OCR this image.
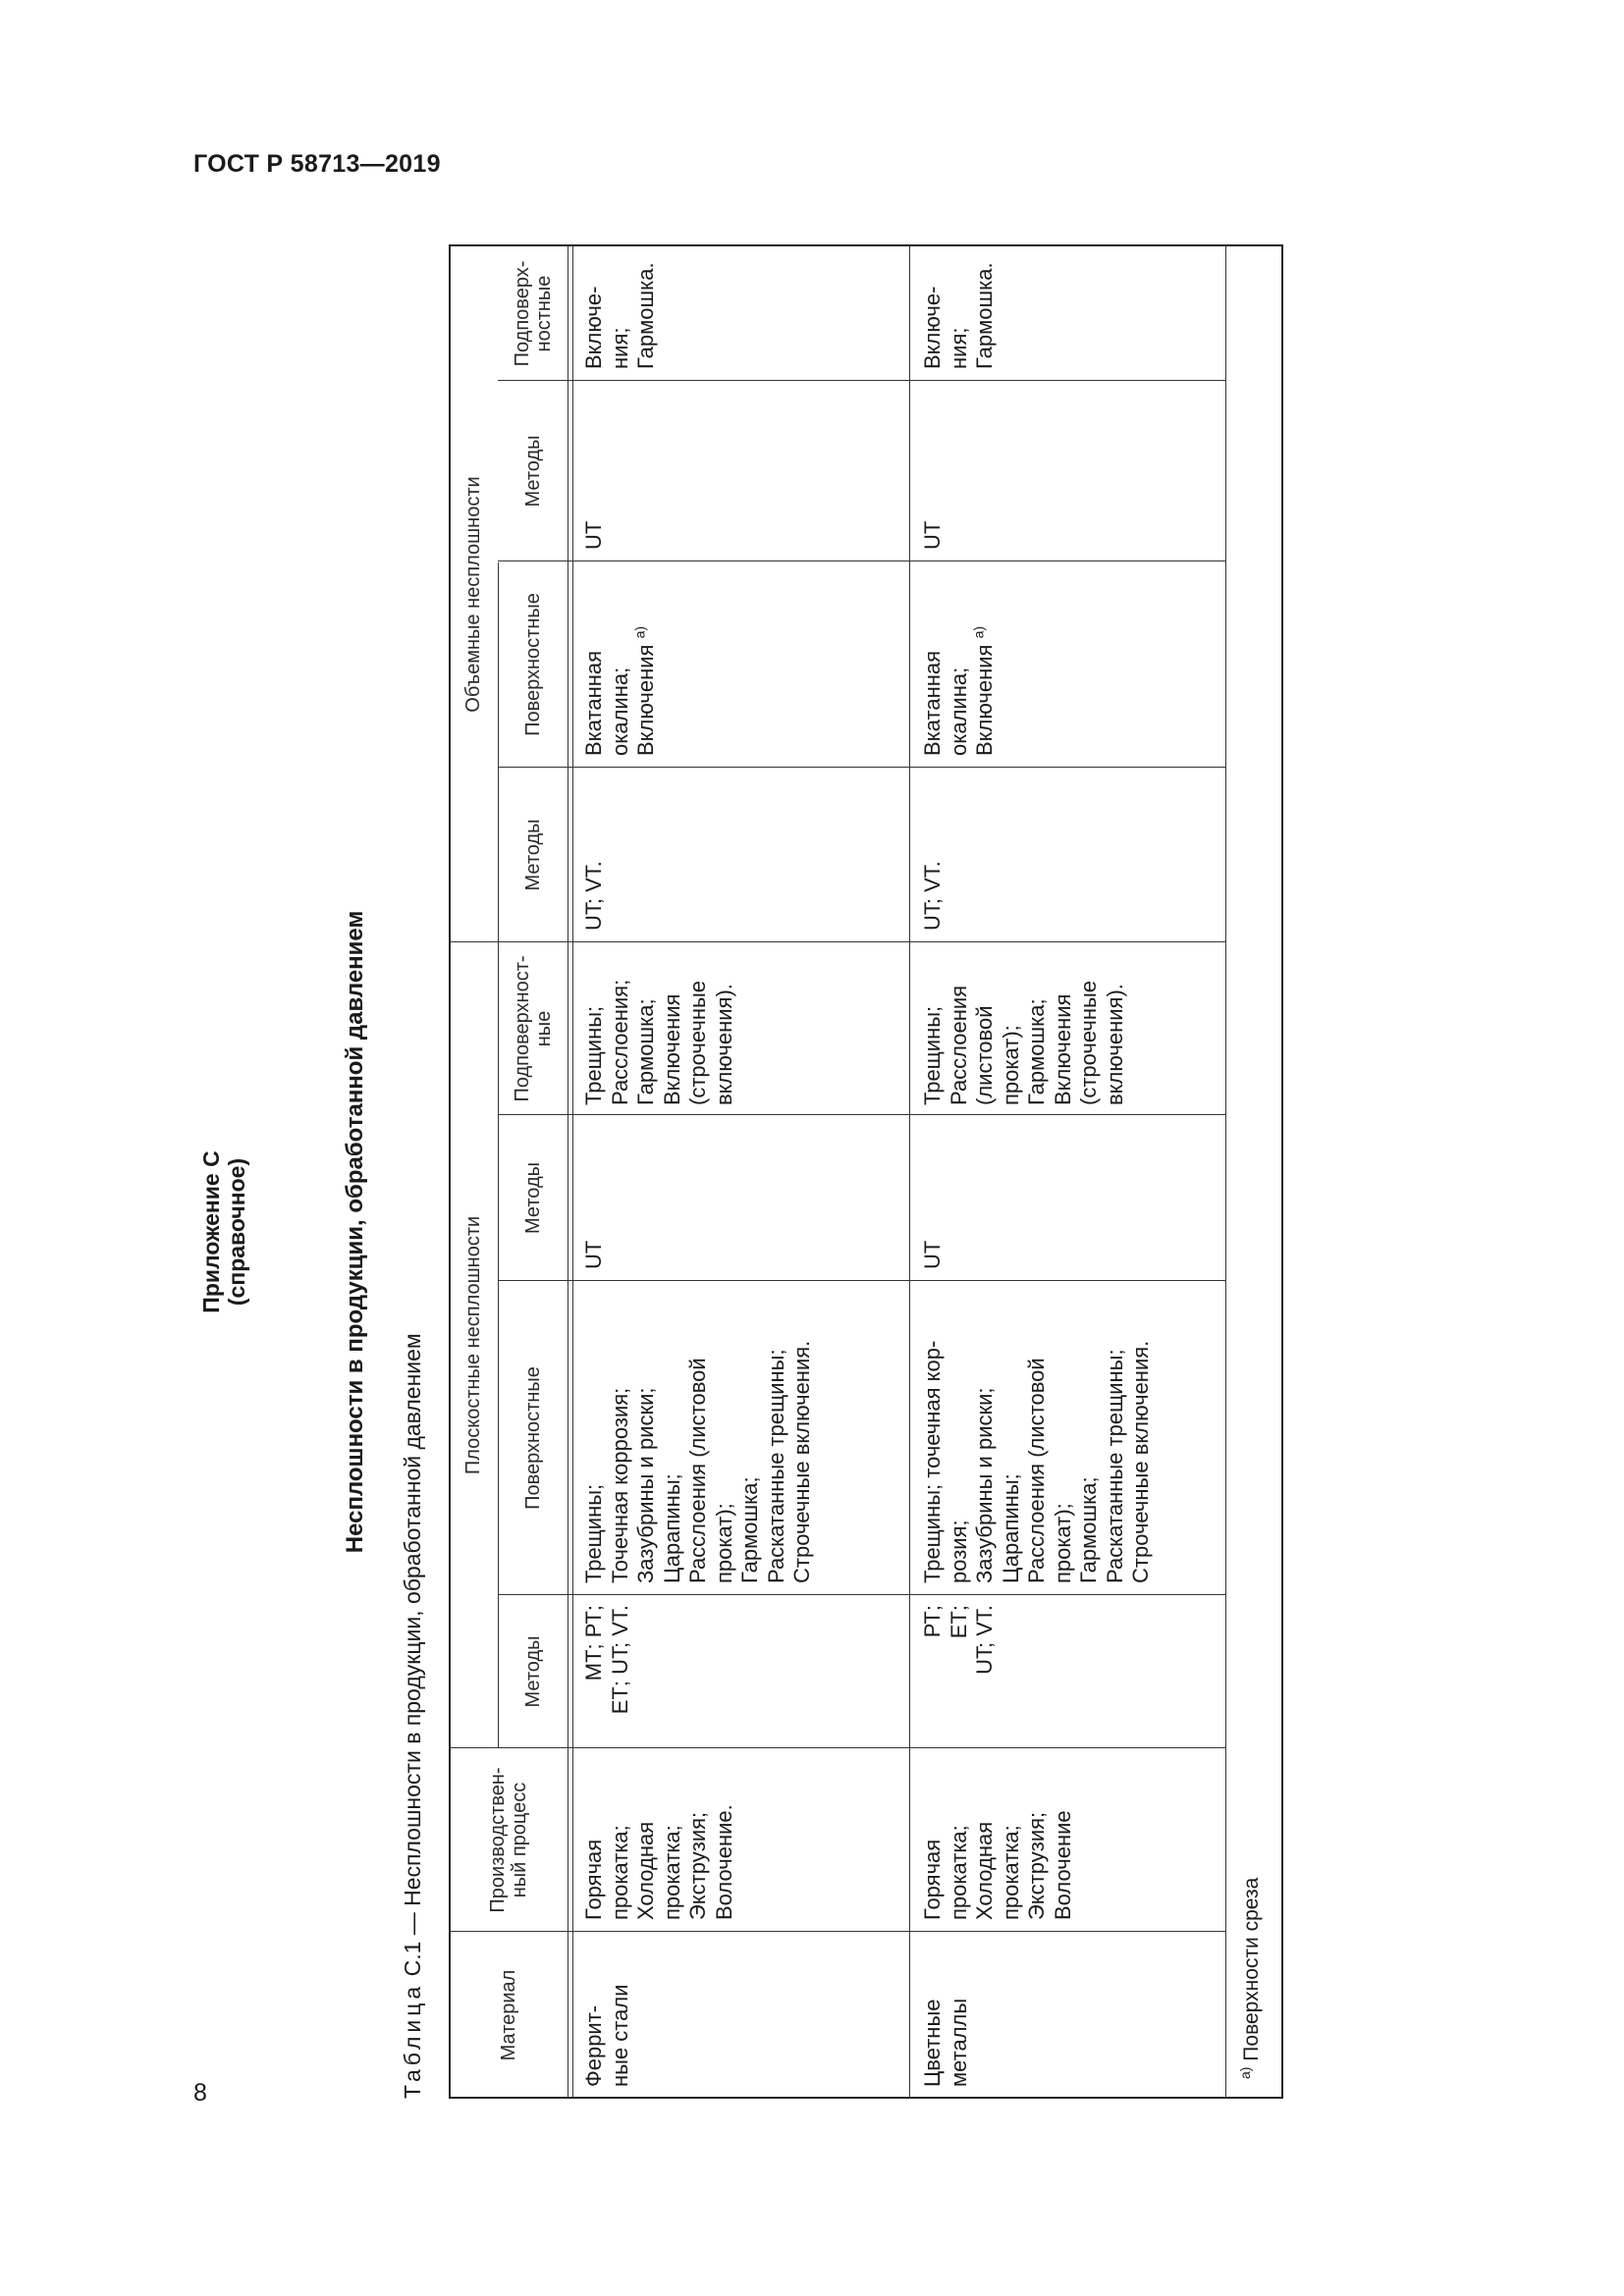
ГОСТ Р 58713—2019
8
Приложение С (справочное)	Несплошности в продукции, обработанной давлением
Таблица С.1 — Несплошности в продукции, обработанной давлением
Материал
Производствен- ный процесс
Плоскостные несплошности
Объемные несплошности
Методы
Поверхностные
Методы
Подповерхност- ные
Методы
Поверхностные
Методы
Подповерх- ностные
Феррит- ные стали
Горячая прокатка; Холодная прокатка; Экструзия; Волочение.
МТ; РТ; ЕТ; UT; VT.
Трещины; Точечная коррозия; Зазубрины и риски; Царапины; Расслоения (листовой прокат); Гармошка; Раскатанные трещины; Строчечные включения.
UT
Трещины; Расслоения; Гармошка; Включения (строчечные включения).
UT; VT.
Вкатанная окалина; Включения $^{а)}$
UT
Включе- ния; Гармошка.
Цветные металлы
Горячая прокатка; Холодная прокатка; Экструзия; Волочение
РТ; ЕТ; UT; VT.
Трещины; точечная кор- розия; Зазубрины и риски; Царапины; Расслоения (листовой прокат); Гармошка; Раскатанные трещины; Строчечные включения.
UT
Трещины; Расслоения (листовой прокат); Гармошка; Включения (строчечные включения).
UT; VT.
Вкатанная окалина; Включения $^{а)}$
UT
Включе- ния; Гармошка.
$^{а)}$ Поверхности среза
